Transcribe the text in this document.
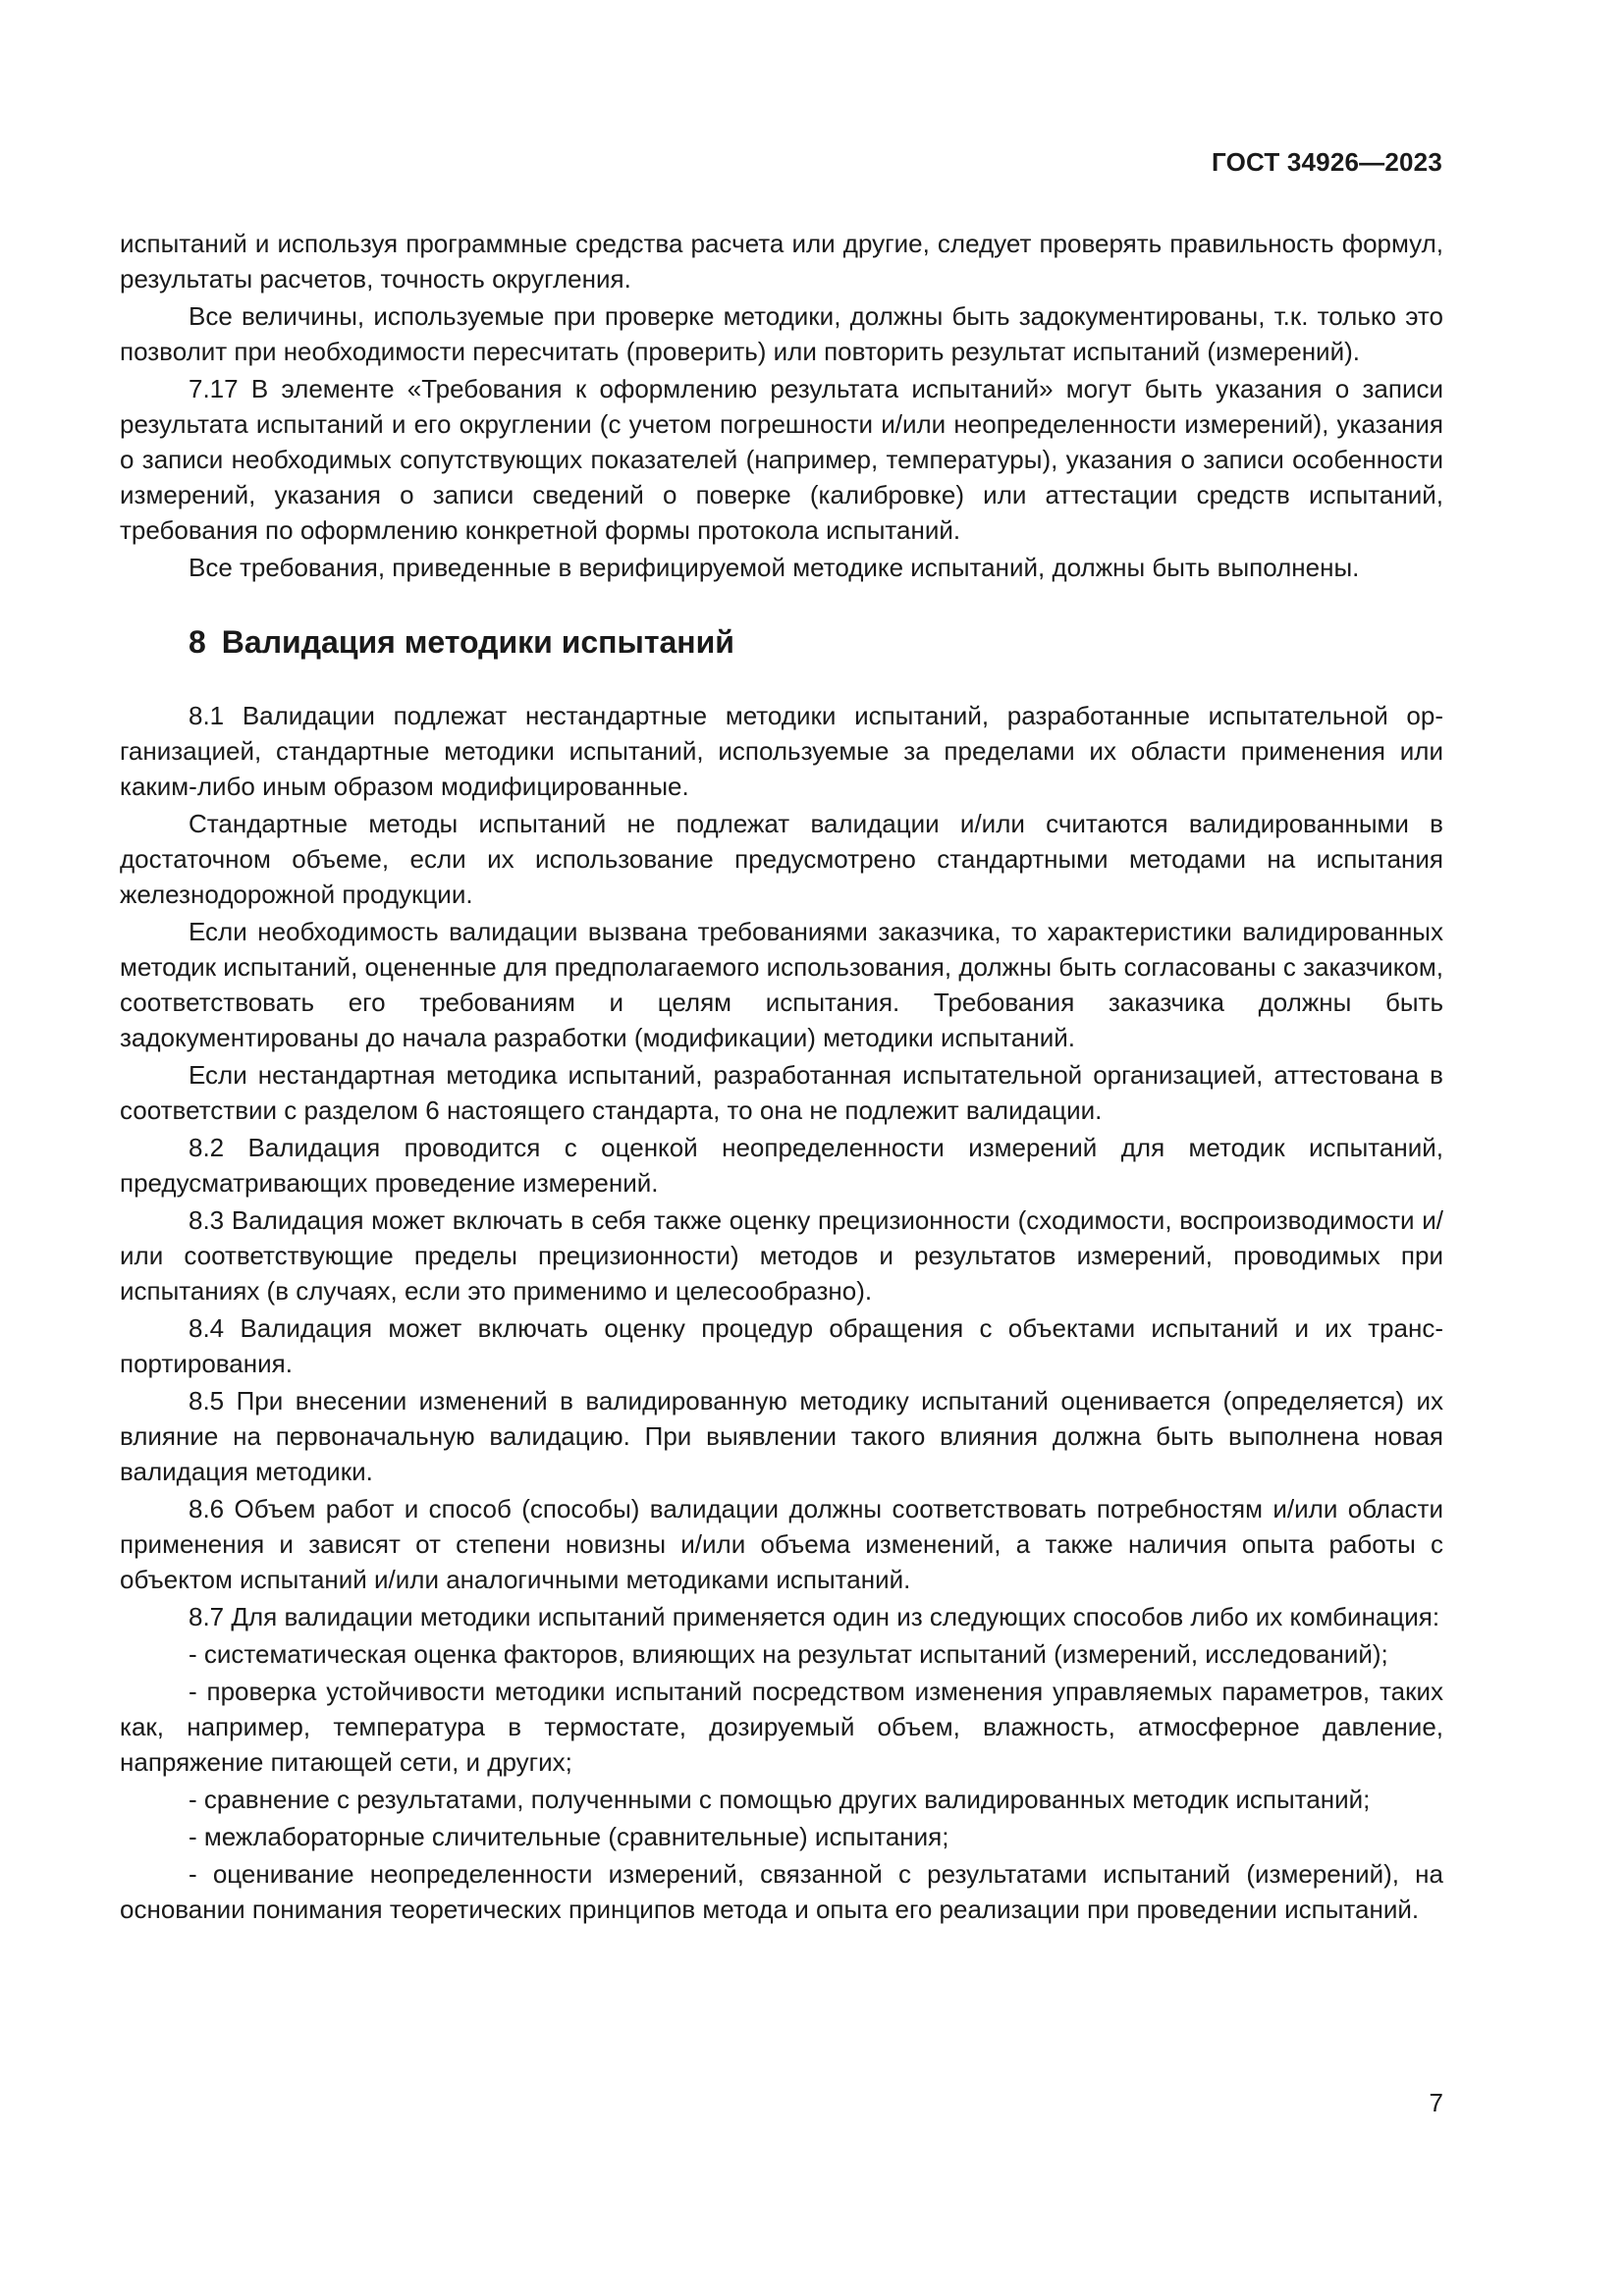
ГОСТ 34926—2023

испытаний и используя программные средства расчета или другие, следует проверять правильность формул, результаты расчетов, точность округления.

Все величины, используемые при проверке методики, должны быть задокументированы, т.к. только это позволит при необходимости пересчитать (проверить) или повторить результат испытаний (измерений).

7.17 В элементе «Требования к оформлению результата испытаний» могут быть указания о записи результата испытаний и его округлении (с учетом погрешности и/или неопределенности измерений), указания о записи необходимых сопутствующих показателей (например, температуры), указания о записи особенности измерений, указания о записи сведений о поверке (калибровке) или аттестации средств испытаний, требования по оформлению конкретной формы протокола испытаний.

Все требования, приведенные в верифицируемой методике испытаний, должны быть выполнены.

8 Валидация методики испытаний

8.1 Валидации подлежат нестандартные методики испытаний, разработанные испытательной организацией, стандартные методики испытаний, используемые за пределами их области применения или каким-либо иным образом модифицированные.

Стандартные методы испытаний не подлежат валидации и/или считаются валидированными в достаточном объеме, если их использование предусмотрено стандартными методами на испытания железнодорожной продукции.

Если необходимость валидации вызвана требованиями заказчика, то характеристики валидированных методик испытаний, оцененные для предполагаемого использования, должны быть согласованы с заказчиком, соответствовать его требованиям и целям испытания. Требования заказчика должны быть задокументированы до начала разработки (модификации) методики испытаний.

Если нестандартная методика испытаний, разработанная испытательной организацией, аттестована в соответствии с разделом 6 настоящего стандарта, то она не подлежит валидации.

8.2 Валидация проводится с оценкой неопределенности измерений для методик испытаний, предусматривающих проведение измерений.

8.3 Валидация может включать в себя также оценку прецизионности (сходимости, воспроизводимости и/или соответствующие пределы прецизионности) методов и результатов измерений, проводимых при испытаниях (в случаях, если это применимо и целесообразно).

8.4 Валидация может включать оценку процедур обращения с объектами испытаний и их транспортирования.

8.5 При внесении изменений в валидированную методику испытаний оценивается (определяется) их влияние на первоначальную валидацию. При выявлении такого влияния должна быть выполнена новая валидация методики.

8.6 Объем работ и способ (способы) валидации должны соответствовать потребностям и/или области применения и зависят от степени новизны и/или объема изменений, а также наличия опыта работы с объектом испытаний и/или аналогичными методиками испытаний.

8.7 Для валидации методики испытаний применяется один из следующих способов либо их комбинация:

- систематическая оценка факторов, влияющих на результат испытаний (измерений, исследований);

- проверка устойчивости методики испытаний посредством изменения управляемых параметров, таких как, например, температура в термостате, дозируемый объем, влажность, атмосферное давление, напряжение питающей сети, и других;

- сравнение с результатами, полученными с помощью других валидированных методик испытаний;

- межлабораторные сличительные (сравнительные) испытания;

- оценивание неопределенности измерений, связанной с результатами испытаний (измерений), на основании понимания теоретических принципов метода и опыта его реализации при проведении испытаний.

7
